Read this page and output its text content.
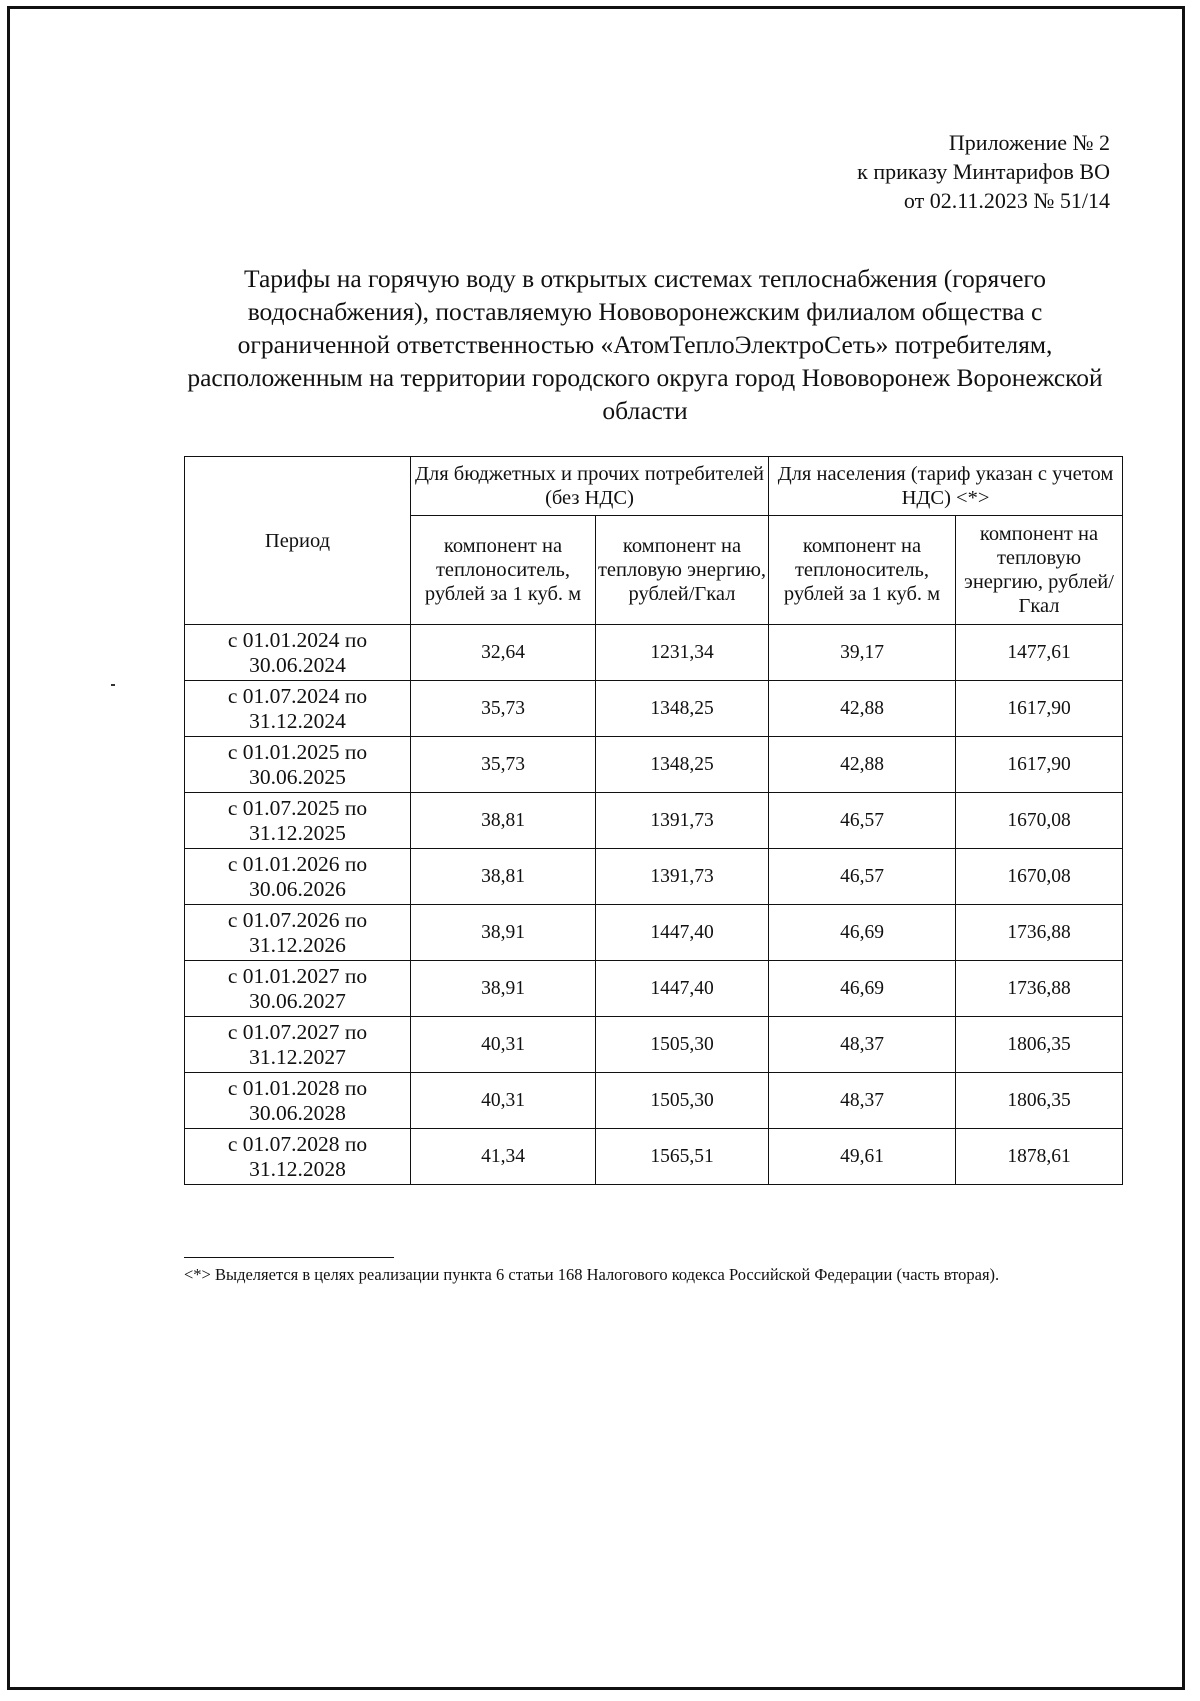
Приложение № 2
к приказу Минтарифов ВО
от 02.11.2023 № 51/14
Тарифы на горячую воду в открытых системах теплоснабжения (горячего водоснабжения), поставляемую Нововоронежским филиалом общества с ограниченной ответственностью «АтомТеплоЭлектроСеть» потребителям, расположенным на территории городского округа город Нововоронеж Воронежской области
Период	Для бюджетных и прочих потребителей (без НДС)		Для населения (тариф указан с учетом НДС) <*>	
	компонент на теплоноситель, рублей за 1 куб. м	компонент на тепловую энергию, рублей/Гкал	компонент на теплоноситель, рублей за 1 куб. м	компонент на тепловую энергию, рублей/Гкал
с 01.01.2024 по 30.06.2024	32,64	1231,34	39,17	1477,61
с 01.07.2024 по 31.12.2024	35,73	1348,25	42,88	1617,90
с 01.01.2025 по 30.06.2025	35,73	1348,25	42,88	1617,90
с 01.07.2025 по 31.12.2025	38,81	1391,73	46,57	1670,08
с 01.01.2026 по 30.06.2026	38,81	1391,73	46,57	1670,08
с 01.07.2026 по 31.12.2026	38,91	1447,40	46,69	1736,88
с 01.01.2027 по 30.06.2027	38,91	1447,40	46,69	1736,88
с 01.07.2027 по 31.12.2027	40,31	1505,30	48,37	1806,35
с 01.01.2028 по 30.06.2028	40,31	1505,30	48,37	1806,35
с 01.07.2028 по 31.12.2028	41,34	1565,51	49,61	1878,61
<*> Выделяется в целях реализации пункта 6 статьи 168 Налогового кодекса Российской Федерации (часть вторая).
